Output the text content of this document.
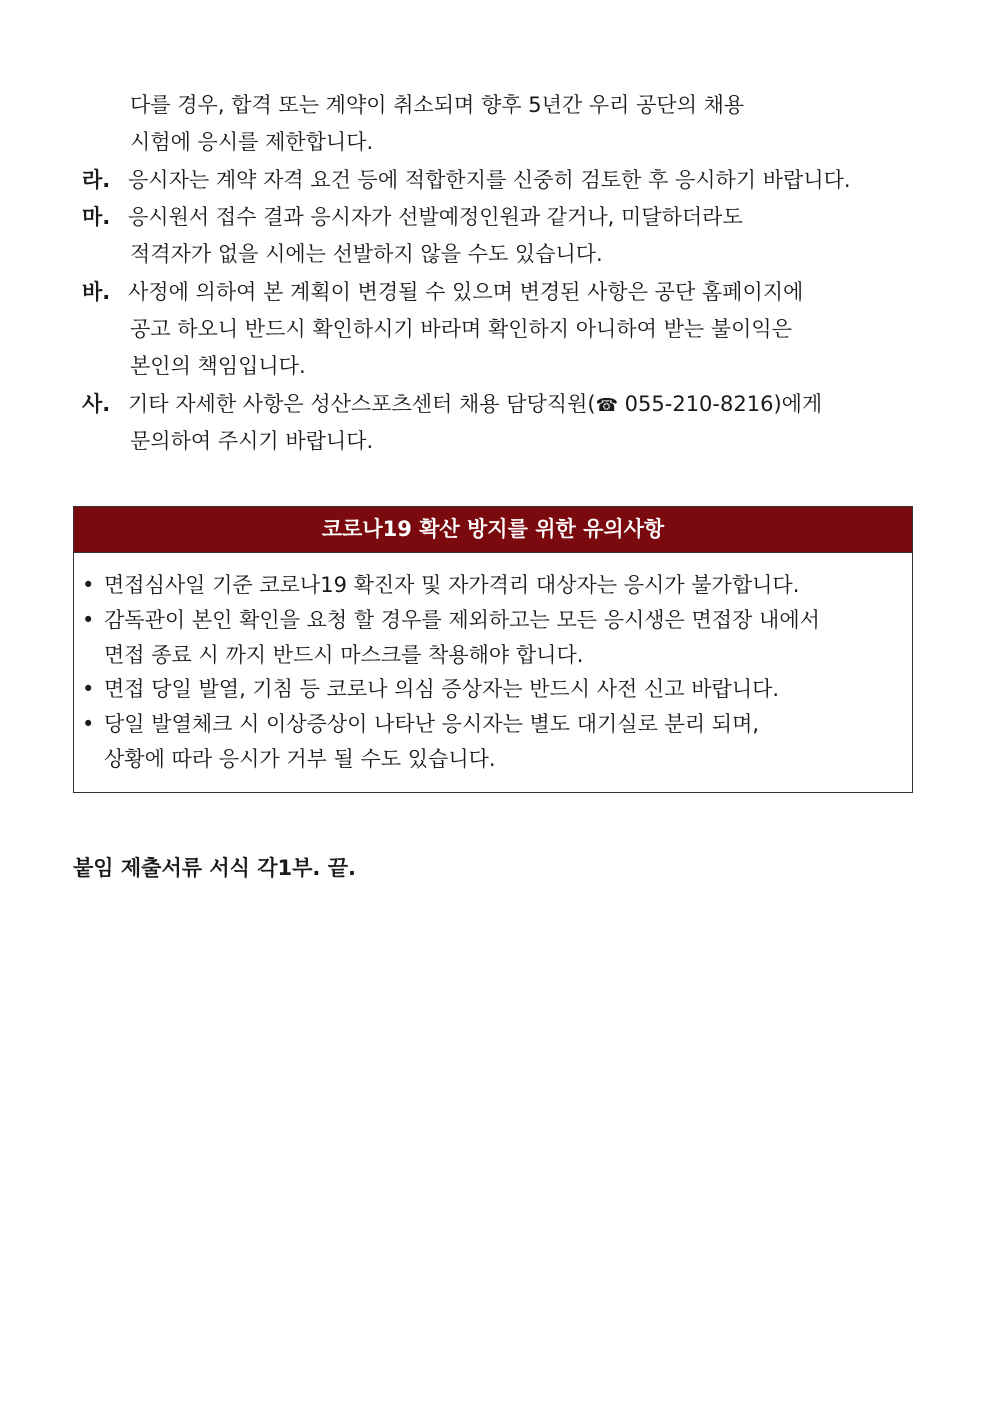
다를 경우, 합격 또는 계약이 취소되며 향후 5년간 우리 공단의 채용
시험에 응시를 제한합니다.
라. 응시자는 계약 자격 요건 등에 적합한지를 신중히 검토한 후 응시하기 바랍니다.
마. 응시원서 접수 결과 응시자가 선발예정인원과 같거나, 미달하더라도
적격자가 없을 시에는 선발하지 않을 수도 있습니다.
바. 사정에 의하여 본 계획이 변경될 수 있으며 변경된 사항은 공단 홈페이지에
공고 하오니 반드시 확인하시기 바라며 확인하지 아니하여 받는 불이익은
본인의 책임입니다.
사. 기타 자세한 사항은 성산스포츠센터 채용 담당직원(☎ 055-210-8216)에게
문의하여 주시기 바랍니다.
코로나19 확산 방지를 위한 유의사항
• 면접심사일 기준 코로나19 확진자 및 자가격리 대상자는 응시가 불가합니다.
• 감독관이 본인 확인을 요청 할 경우를 제외하고는 모든 응시생은 면접장 내에서
면접 종료 시 까지 반드시 마스크를 착용해야 합니다.
• 면접 당일 발열, 기침 등 코로나 의심 증상자는 반드시 사전 신고 바랍니다.
• 당일 발열체크 시 이상증상이 나타난 응시자는 별도 대기실로 분리 되며,
상황에 따라 응시가 거부 될 수도 있습니다.
붙임 제출서류 서식 각1부. 끝.
